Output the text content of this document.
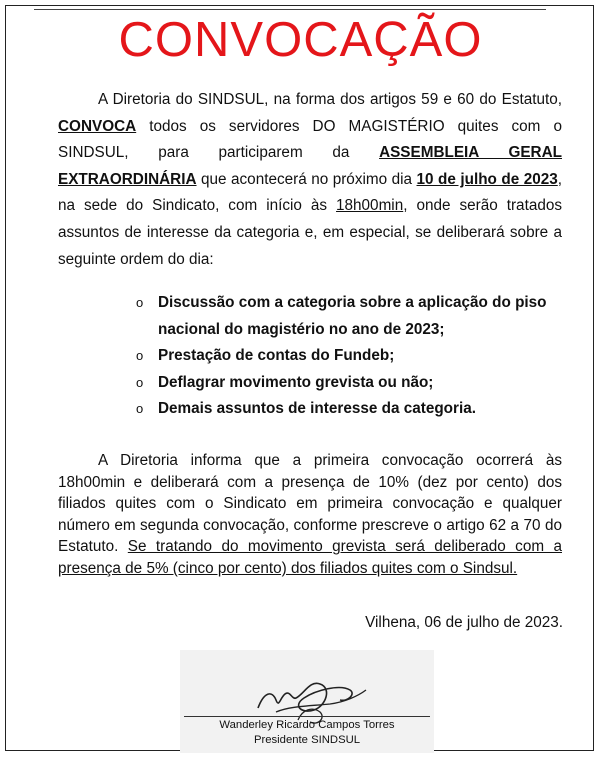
CONVOCAÇÃO
A Diretoria do SINDSUL, na forma dos artigos 59 e 60 do Estatuto, CONVOCA todos os servidores DO MAGISTÉRIO quites com o SINDSUL, para participarem da ASSEMBLEIA GERAL EXTRAORDINÁRIA que acontecerá no próximo dia 10 de julho de 2023, na sede do Sindicato, com início às 18h00min, onde serão tratados assuntos de interesse da categoria e, em especial, se deliberará sobre a seguinte ordem do dia:
o Discussão com a categoria sobre a aplicação do piso nacional do magistério no ano de 2023;
o Prestação de contas do Fundeb;
o Deflagrar movimento grevista ou não;
o Demais assuntos de interesse da categoria.
A Diretoria informa que a primeira convocação ocorrerá às 18h00min e deliberará com a presença de 10% (dez por cento) dos filiados quites com o Sindicato em primeira convocação e qualquer número em segunda convocação, conforme prescreve o artigo 62 a 70 do Estatuto. Se tratando do movimento grevista será deliberado com a presença de 5% (cinco por cento) dos filiados quites com o Sindsul.
Vilhena, 06 de julho de 2023.
Wanderley Ricardo Campos Torres
Presidente SINDSUL
